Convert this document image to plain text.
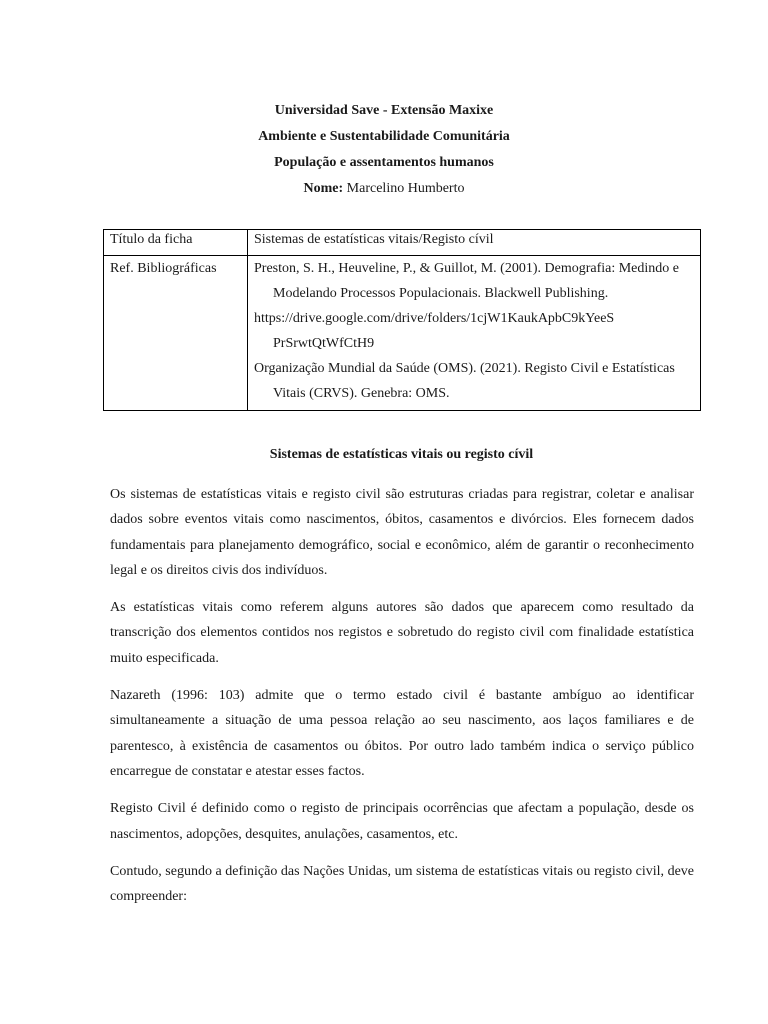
Universidad Save - Extensão Maxixe
Ambiente e Sustentabilidade Comunitária
População e assentamentos humanos
Nome: Marcelino Humberto
Título da ficha	Sistemas de estatísticas vitais/Registo cívil
Ref. Bibliográficas	Preston, S. H., Heuveline, P., & Guillot, M. (2001). Demografia: Medindo e Modelando Processos Populacionais. Blackwell Publishing.
https://drive.google.com/drive/folders/1cjW1KaukApbC9kYeeS PrSrwtQtWfCtH9
Organização Mundial da Saúde (OMS). (2021). Registo Civil e Estatísticas Vitais (CRVS). Genebra: OMS.
Sistemas de estatísticas vitais ou registo cívil

Os sistemas de estatísticas vitais e registo civil são estruturas criadas para registrar, coletar e analisar dados sobre eventos vitais como nascimentos, óbitos, casamentos e divórcios. Eles fornecem dados fundamentais para planejamento demográfico, social e econômico, além de garantir o reconhecimento legal e os direitos civis dos indivíduos.

As estatísticas vitais como referem alguns autores são dados que aparecem como resultado da transcrição dos elementos contidos nos registos e sobretudo do registo civil com finalidade estatística muito especificada.

Nazareth (1996: 103) admite que o termo estado civil é bastante ambíguo ao identificar simultaneamente a situação de uma pessoa relação ao seu nascimento, aos laços familiares e de parentesco, à existência de casamentos ou óbitos. Por outro lado também indica o serviço público encarregue de constatar e atestar esses factos.

Registo Civil é definido como o registo de principais ocorrências que afectam a população, desde os nascimentos, adopções, desquites, anulações, casamentos, etc.

Contudo, segundo a definição das Nações Unidas, um sistema de estatísticas vitais ou registo civil, deve compreender:
